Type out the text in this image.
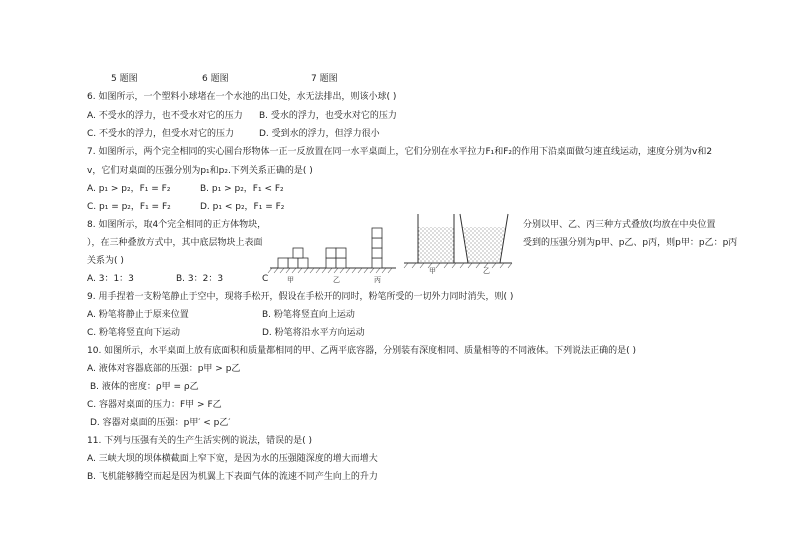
5 题图	6 题图	7 题图
6. 如图所示，一个塑料小球堵在一个水池的出口处，水无法排出，则该小球( )
A. 不受水的浮力，也不受水对它的压力 B. 受水的浮力，也受水对它的压力
C. 不受水的浮力，但受水对它的压力	D. 受到水的浮力，但浮力很小
7. 如图所示，两个完全相同的实心圆台形物体一正一反放置在同一水平桌面上，它们分别在水平拉力F₁和F₂的作用下沿桌面做匀速直线运动，速度分别为v和2
v，它们对桌面的压强分别为p₁和p₂.下列关系正确的是( )
A. p₁ > p₂，F₁ = F₂	B. p₁ > p₂，F₁ < F₂
C. p₁ = p₂，F₁ = F₂	D. p₁ < p₂，F₁ = F₂
8. 如图所示，取4个完全相同的正方体物块，	分别以甲、乙、丙三种方式叠放(均放在中央位置
），在三种叠放方式中，其中底层物块上表面	受到的压强分别为p甲、p乙、p丙，则p甲：p乙：p丙
关系为( )
A. 3：1：3	B. 3：2：3	C	甲	乙	丙
甲	乙
9. 用手捏着一支粉笔静止于空中，现将手松开，假设在手松开的同时，粉笔所受的一切外力同时消失，则( )
A. 粉笔将静止于原来位置	B. 粉笔将竖直向上运动
C. 粉笔将竖直向下运动	D. 粉笔将沿水平方向运动
10. 如图所示，水平桌面上放有底面积和质量都相同的甲、乙两平底容器，分别装有深度相同、质量相等的不同液体。下列说法正确的是( )
A. 液体对容器底部的压强：p甲 > p乙
B. 液体的密度：ρ甲 = ρ乙
C. 容器对桌面的压力：F甲 > F乙
D. 容器对桌面的压强：p甲′ < p乙′
11. 下列与压强有关的生产生活实例的说法，错误的是( )
A. 三峡大坝的坝体横截面上窄下宽，是因为水的压强随深度的增大而增大
B. 飞机能够腾空而起是因为机翼上下表面气体的流速不同产生向上的升力
